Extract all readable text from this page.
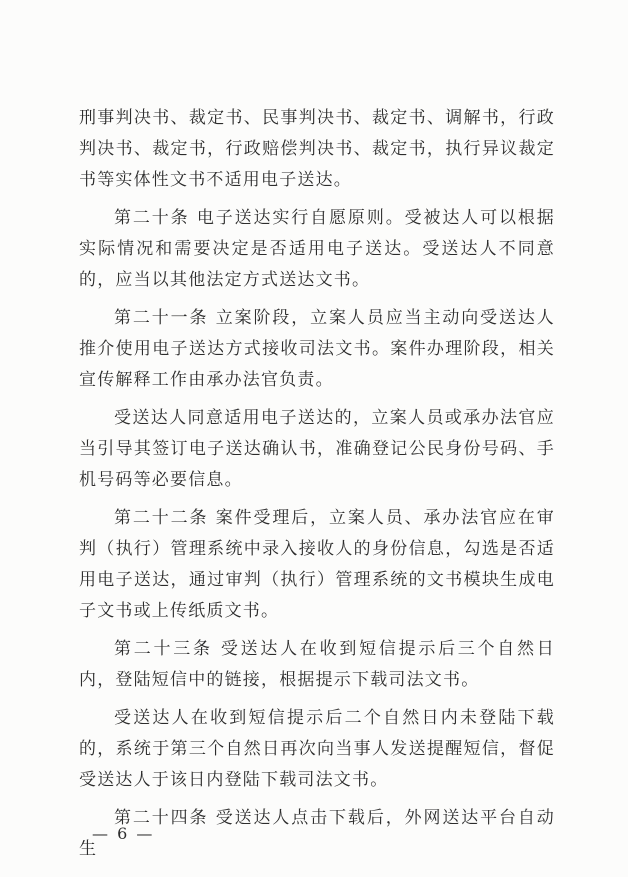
刑事判决书、裁定书、民事判决书、裁定书、调解书，行政判决书、裁定书，行政赔偿判决书、裁定书，执行异议裁定书等实体性文书不适用电子送达。

第二十条 电子送达实行自愿原则。受被达人可以根据实际情况和需要决定是否适用电子送达。受送达人不同意的，应当以其他法定方式送达文书。

第二十一条 立案阶段，立案人员应当主动向受送达人推介使用电子送达方式接收司法文书。案件办理阶段，相关宣传解释工作由承办法官负责。

受送达人同意适用电子送达的，立案人员或承办法官应当引导其签订电子送达确认书，准确登记公民身份号码、手机号码等必要信息。

第二十二条 案件受理后，立案人员、承办法官应在审判（执行）管理系统中录入接收人的身份信息，勾选是否适用电子送达，通过审判（执行）管理系统的文书模块生成电子文书或上传纸质文书。

第二十三条 受送达人在收到短信提示后三个自然日内，登陆短信中的链接，根据提示下载司法文书。

受送达人在收到短信提示后二个自然日内未登陆下载的，系统于第三个自然日再次向当事人发送提醒短信，督促受送达人于该日内登陆下载司法文书。

第二十四条 受送达人点击下载后，外网送达平台自动生

— 6 —
